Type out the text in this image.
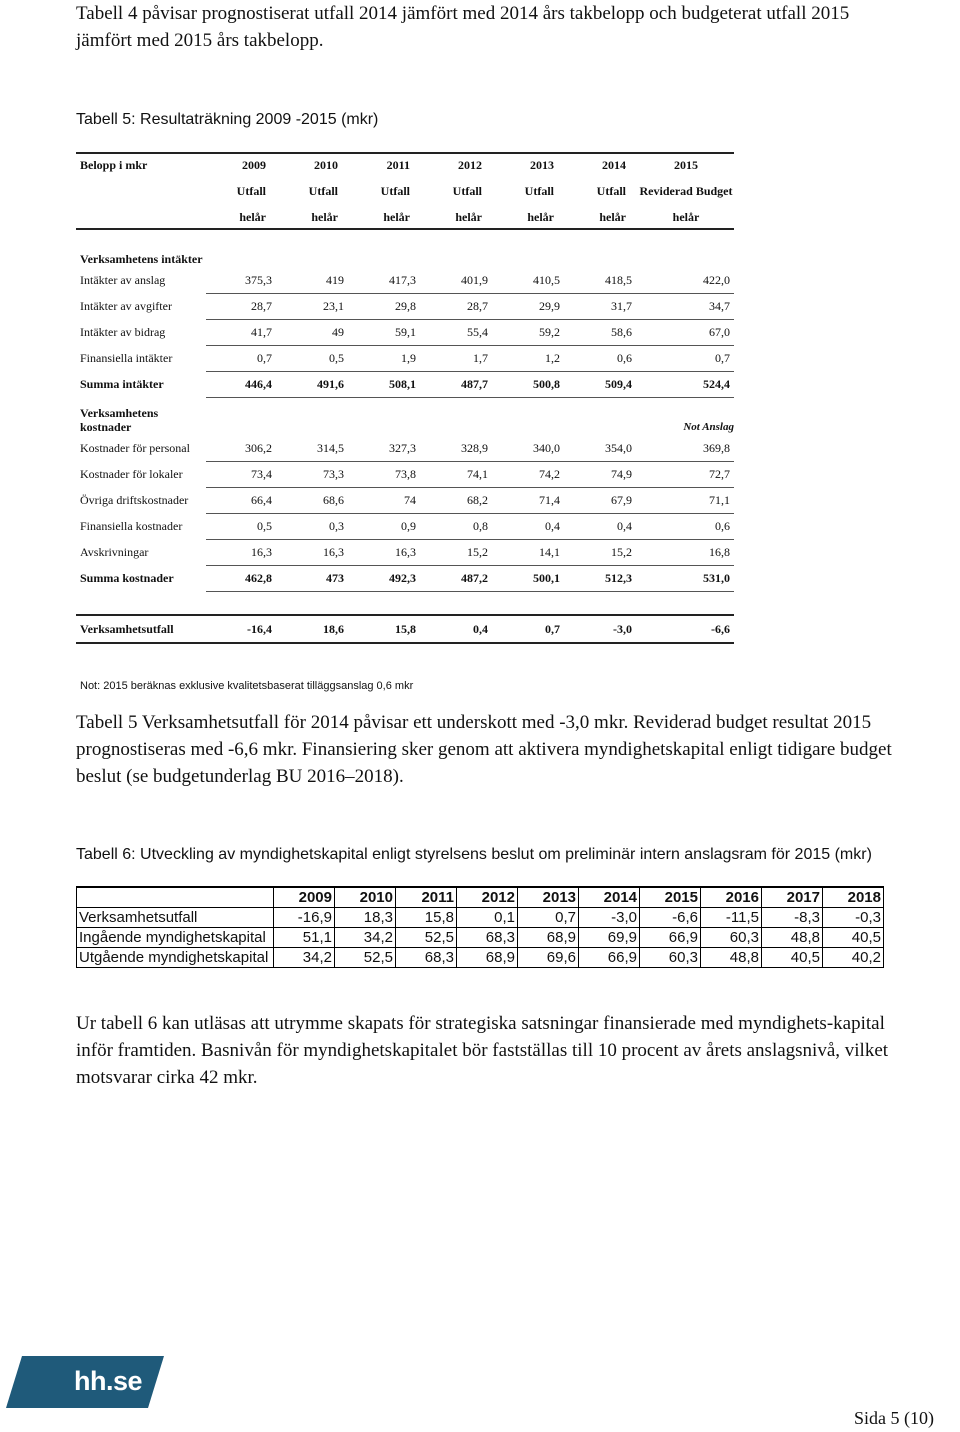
Tabell 4 påvisar prognostiserat utfall 2014 jämfört med 2014 års takbelopp och budgeterat utfall 2015 jämfört med 2015 års takbelopp.

Tabell 5: Resultaträkning 2009 -2015 (mkr)

Belopp i mkr	2009	2010	2011	2012	2013	2014	2015
	Utfall	Utfall	Utfall	Utfall	Utfall	Utfall	Reviderad Budget
	helår	helår	helår	helår	helår	helår	helår
Verksamhetens intäkter							
Intäkter av anslag	375,3	419	417,3	401,9	410,5	418,5	422,0
Intäkter av avgifter	28,7	23,1	29,8	28,7	29,9	31,7	34,7
Intäkter av bidrag	41,7	49	59,1	55,4	59,2	58,6	67,0
Finansiella intäkter	0,7	0,5	1,9	1,7	1,2	0,6	0,7
Summa intäkter	446,4	491,6	508,1	487,7	500,8	509,4	524,4
Verksamhetens kostnader							Not Anslag
Kostnader för personal	306,2	314,5	327,3	328,9	340,0	354,0	369,8
Kostnader för lokaler	73,4	73,3	73,8	74,1	74,2	74,9	72,7
Övriga driftskostnader	66,4	68,6	74	68,2	71,4	67,9	71,1
Finansiella kostnader	0,5	0,3	0,9	0,8	0,4	0,4	0,6
Avskrivningar	16,3	16,3	16,3	15,2	14,1	15,2	16,8
Summa kostnader	462,8	473	492,3	487,2	500,1	512,3	531,0

Verksamhetsutfall	-16,4	18,6	15,8	0,4	0,7	-3,0	-6,6

Not: 2015 beräknas exklusive kvalitetsbaserat tilläggsanslag 0,6 mkr

Tabell 5 Verksamhetsutfall för 2014 påvisar ett underskott med -3,0 mkr. Reviderad budget resultat 2015 prognostiseras med -6,6 mkr. Finansiering sker genom att aktivera myndighetskapital enligt tidigare budget beslut (se budgetunderlag BU 2016–2018).

Tabell 6: Utveckling av myndighetskapital enligt styrelsens beslut om preliminär intern anslagsram för 2015 (mkr)

	2009	2010	2011	2012	2013	2014	2015	2016	2017	2018
Verksamhetsutfall	-16,9	18,3	15,8	0,1	0,7	-3,0	-6,6	-11,5	-8,3	-0,3
Ingående myndighetskapital	51,1	34,2	52,5	68,3	68,9	69,9	66,9	60,3	48,8	40,5
Utgående myndighetskapital	34,2	52,5	68,3	68,9	69,6	66,9	60,3	48,8	40,5	40,2

Ur tabell 6 kan utläsas att utrymme skapats för strategiska satsningar finansierade med myndighets-kapital inför framtiden. Basnivån för myndighetskapitalet bör fastställas till 10 procent av årets anslagsnivå, vilket motsvarar cirka 42 mkr.

hh.se

Sida 5 (10)
